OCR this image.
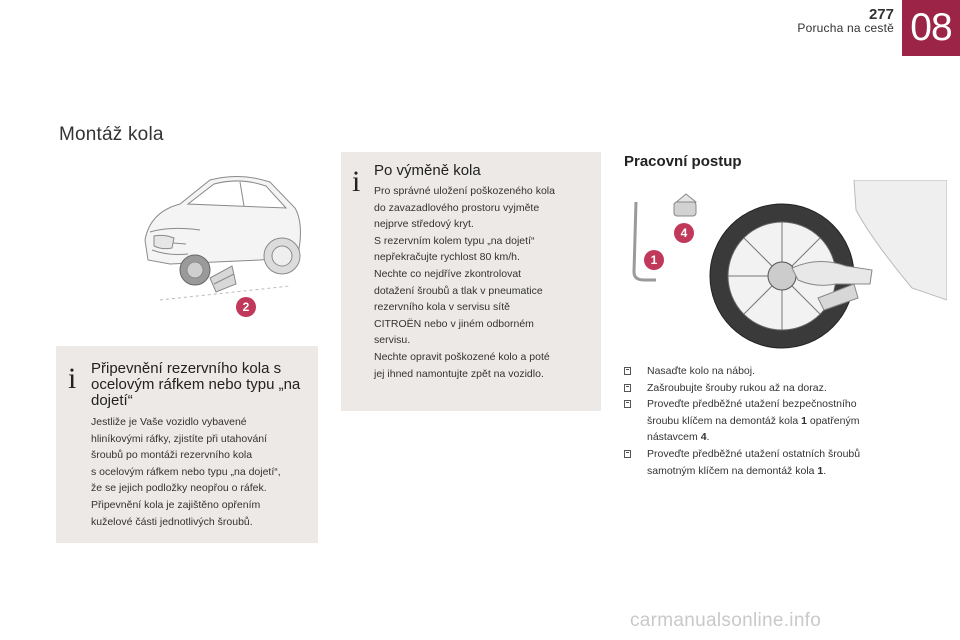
277
Porucha na cestě 08
Montáž kola
2
i Připevnění rezervního kola s ocelovým ráfkem nebo typu „na dojetí“
Jestliže je Vaše vozidlo vybavené
hliníkovými ráfky, zjistíte při utahování
šroubů po montáži rezervního kola
s ocelovým ráfkem nebo typu „na dojetí“,
že se jejich podložky neopřou o ráfek.
Připevnění kola je zajištěno opřením
kuželové části jednotlivých šroubů.
i Po výměně kola
Pro správné uložení poškozeného kola
do zavazadlového prostoru vyjměte
nejprve středový kryt.
S rezervním kolem typu „na dojetí“
nepřekračujte rychlost 80 km/h.
Nechte co nejdříve zkontrolovat
dotažení šroubů a tlak v pneumatice
rezervního kola v servisu sítě
CITROËN nebo v jiném odborném
servisu.
Nechte opravit poškozené kolo a poté
jej ihned namontujte zpět na vozidlo.
Pracovní postup
4
1
Nasaďte kolo na náboj.
Zašroubujte šrouby rukou až na doraz.
Proveďte předběžné utažení bezpečnostního šroubu klíčem na demontáž kola 1 opatřeným nástavcem 4.
Proveďte předběžné utažení ostatních šroubů samotným klíčem na demontáž kola 1.
carmanualsonline.info
